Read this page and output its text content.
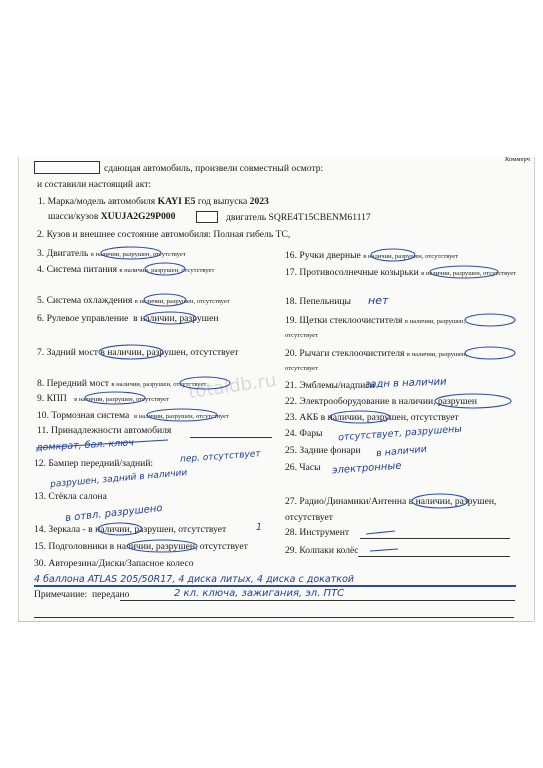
сдающая автомобиль, произвели совместный осмотр:
Коммерч
и составили настоящий акт:
1. Марка/модель автомобиля KAYI E5 год выпуска 2023
шасси/кузов XUUJA2G29P000	двигатель SQRE4T15CBENM61117
2. Кузов и внешнее состояние автомобиля: Полная гибель ТС,
3. Двигатель в наличии, разрушен, отсутствует
4. Система питания в наличии, разрушен, отсутствует
5. Система охлаждения в наличии, разрушен, отсутствует
6. Рулевое управление в наличии, разрушен
7. Задний мост в наличии, разрушен, отсутствует
8. Передний мост в наличии, разрушен, отсутствует
9. КПП в наличии, разрушен, отсутствует
10. Тормозная система в наличии, разрушен, отсутствует
11. Принадлежности автомобиля
12. Бампер передний/задний:
13. Стёкла салона
14. Зеркала - в наличии, разрушен, отсутствует
15. Подголовники в наличии, разрушен, отсутствует
30. Авторезина/Диски/Запасное колесо
Примечание: передано
16. Ручки дверные в наличии, разрушен, отсутствует
17. Противосолнечные козырьки в наличии, разрушен, отсутствует
18. Пепельницы
19. Щетки стеклоочистителя в наличии, разрушен,
отсутствует
20. Рычаги стеклоочистителя в наличии, разрушен,
отсутствует
21. Эмблемы/надписи
22. Электрооборудование в наличии, разрушен
23. АКБ в наличии, разрушен, отсутствует
24. Фары
25. Задние фонари
26. Часы
27. Радио/Динамики/Антенна в наличии, разрушен,
отсутствует
28. Инструмент
29. Колпаки колёс
нет
домкрат, бал. ключ
пер. отсутствует
разрушен, задний в наличии
в отвл. разрушено
1
задн в наличии
отсутствует, разрушены
в наличии
электронные
4 баллона ATLAS 205/50R17, 4 диска литых, 4 диска с докаткой
2 кл. ключа, зажигания, эл. ПТС
totaldb.ru
